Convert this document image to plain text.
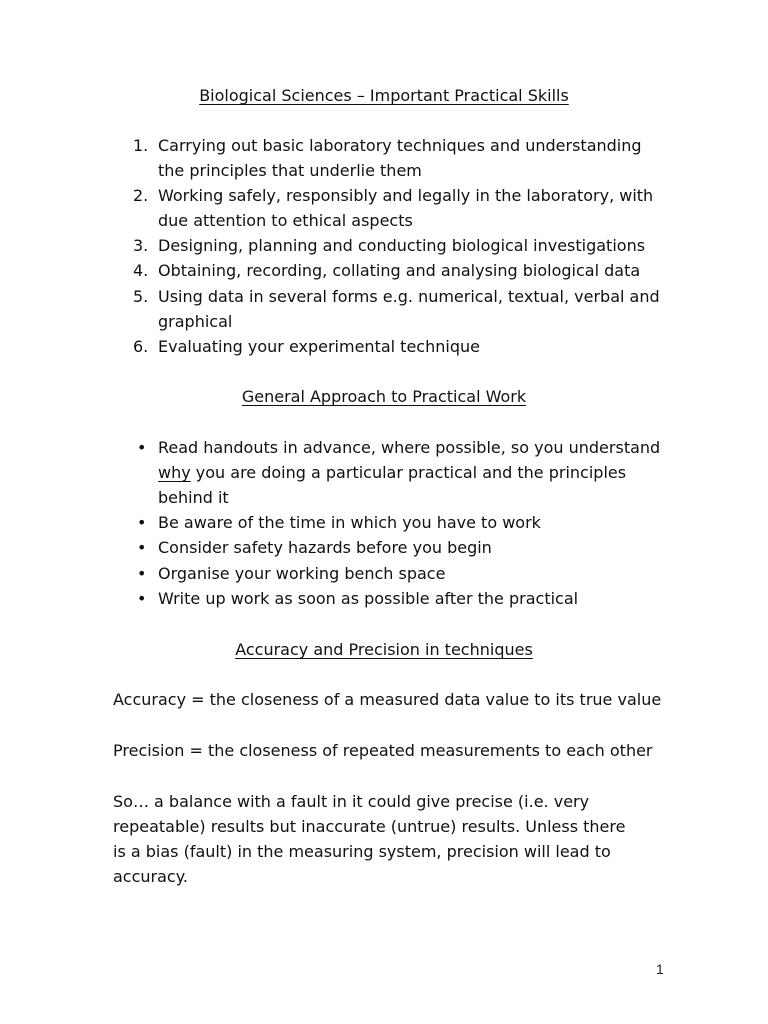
Biological Sciences – Important Practical Skills
1. Carrying out basic laboratory techniques and understanding
the principles that underlie them
2. Working safely, responsibly and legally in the laboratory, with
due attention to ethical aspects
3. Designing, planning and conducting biological investigations
4. Obtaining, recording, collating and analysing biological data
5. Using data in several forms e.g. numerical, textual, verbal and
graphical
6. Evaluating your experimental technique
General Approach to Practical Work
• Read handouts in advance, where possible, so you understand
why you are doing a particular practical and the principles
behind it
• Be aware of the time in which you have to work
• Consider safety hazards before you begin
• Organise your working bench space
• Write up work as soon as possible after the practical
Accuracy and Precision in techniques
Accuracy = the closeness of a measured data value to its true value
Precision = the closeness of repeated measurements to each other
So… a balance with a fault in it could give precise (i.e. very
repeatable) results but inaccurate (untrue) results. Unless there
is a bias (fault) in the measuring system, precision will lead to
accuracy.
1
